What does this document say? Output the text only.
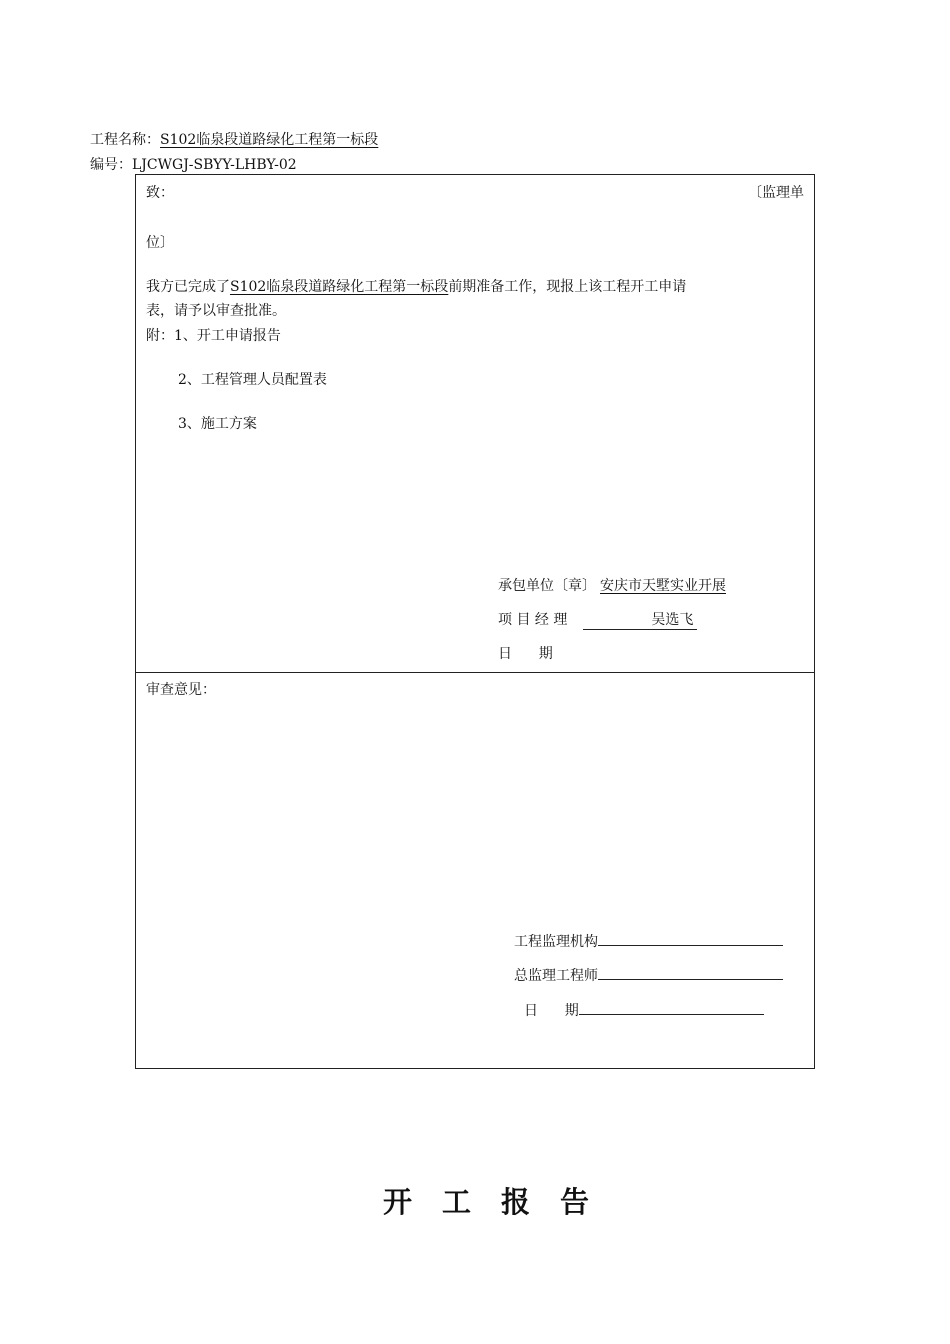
工程名称：S102临泉段道路绿化工程第一标段
编号：LJCWGJ-SBYY-LHBY-02
致：	〔监理单
位〕
我方已完成了S102临泉段道路绿化工程第一标段前期准备工作，现报上该工程开工申请
表，请予以审查批准。
附：1、开工申请报告
2、工程管理人员配置表
3、施工方案
承包单位〔章〕 安庆市天墅实业开展
项 目 经 理	吴选飞
日      期
审查意见：
工程监理机构
总监理工程师
日      期
开工报告
